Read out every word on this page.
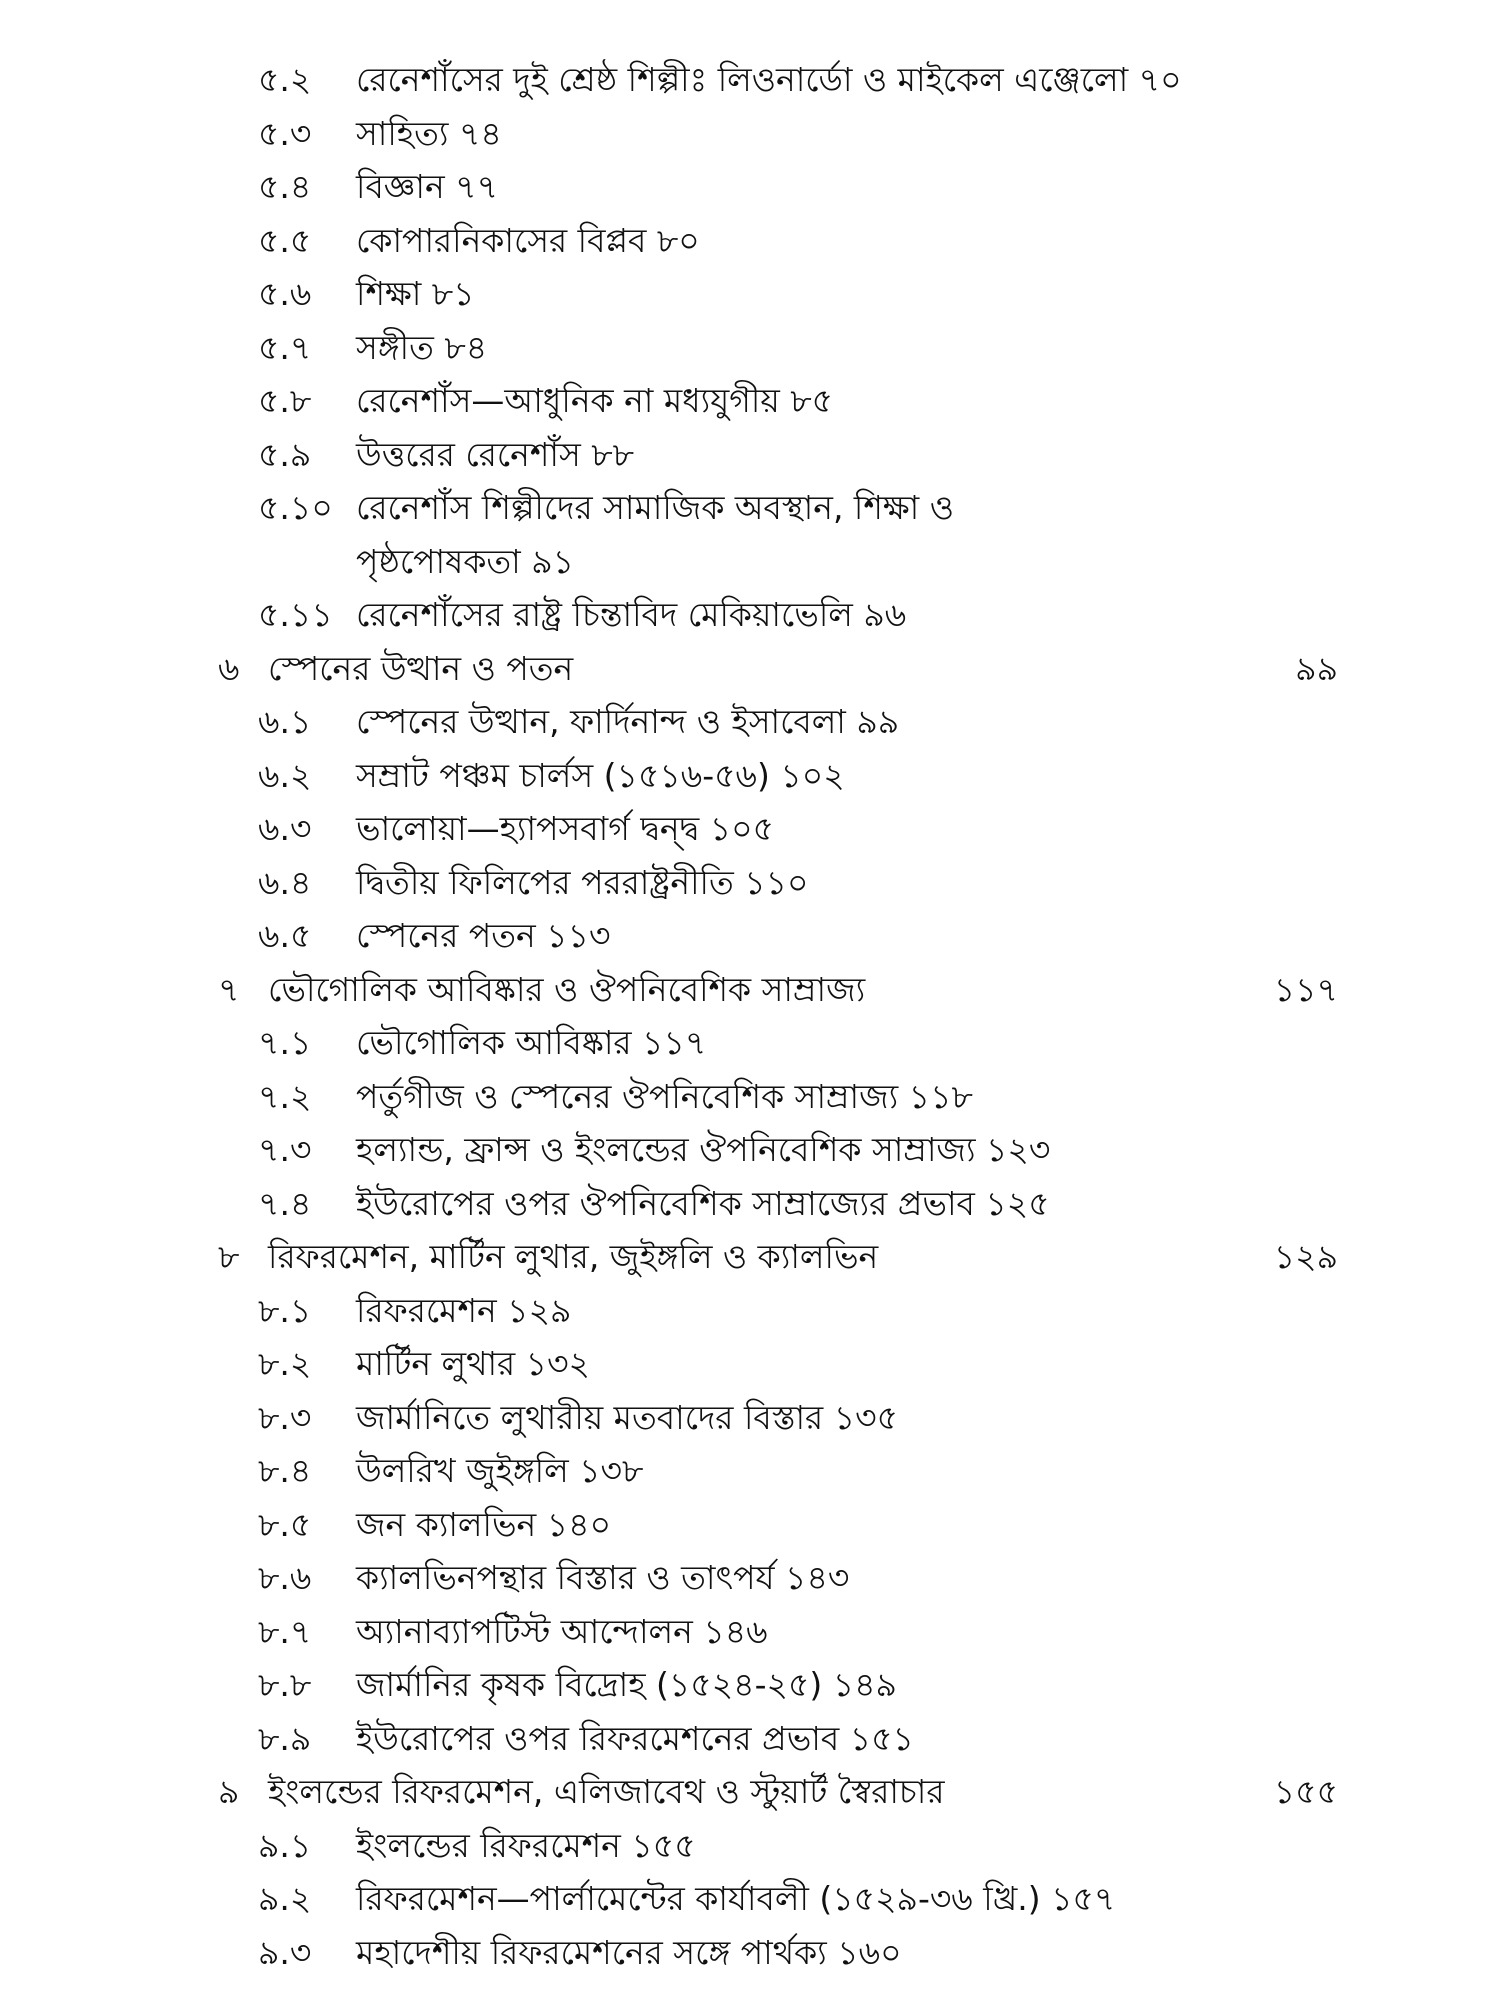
৫.২ রেনেশাঁসের দুই শ্রেষ্ঠ শিল্পীঃ লিওনার্ডো ও মাইকেল এঞ্জেলো ৭০
৫.৩ সাহিত্য ৭৪
৫.৪ বিজ্ঞান ৭৭
৫.৫ কোপারনিকাসের বিপ্লব ৮০
৫.৬ শিক্ষা ৮১
৫.৭ সঙ্গীত ৮৪
৫.৮ রেনেশাঁস—আধুনিক না মধ্যযুগীয় ৮৫
৫.৯ উত্তরের রেনেশাঁস ৮৮
৫.১০ রেনেশাঁস শিল্পীদের সামাজিক অবস্থান, শিক্ষা ও
পৃষ্ঠপোষকতা ৯১
৫.১১ রেনেশাঁসের রাষ্ট্র চিন্তাবিদ মেকিয়াভেলি ৯৬
৬ স্পেনের উত্থান ও পতন	৯৯
৬.১ স্পেনের উত্থান, ফার্দিনান্দ ও ইসাবেলা ৯৯
৬.২ সম্রাট পঞ্চম চার্লস (১৫১৬-৫৬) ১০২
৬.৩ ভালোয়া—হ্যাপসবার্গ দ্বন্দ্ব ১০৫
৬.৪ দ্বিতীয় ফিলিপের পররাষ্ট্রনীতি ১১০
৬.৫ স্পেনের পতন ১১৩
৭ ভৌগোলিক আবিষ্কার ও ঔপনিবেশিক সাম্রাজ্য	১১৭
৭.১ ভৌগোলিক আবিষ্কার ১১৭
৭.২ পর্তুগীজ ও স্পেনের ঔপনিবেশিক সাম্রাজ্য ১১৮
৭.৩ হল্যান্ড, ফ্রান্স ও ইংলন্ডের ঔপনিবেশিক সাম্রাজ্য ১২৩
৭.৪ ইউরোপের ওপর ঔপনিবেশিক সাম্রাজ্যের প্রভাব ১২৫
৮ রিফরমেশন, মার্টিন লুথার, জুইঙ্গলি ও ক্যালভিন	১২৯
৮.১ রিফরমেশন ১২৯
৮.২ মার্টিন লুথার ১৩২
৮.৩ জার্মানিতে লুথারীয় মতবাদের বিস্তার ১৩৫
৮.৪ উলরিখ জুইঙ্গলি ১৩৮
৮.৫ জন ক্যালভিন ১৪০
৮.৬ ক্যালভিনপন্থার বিস্তার ও তাৎপর্য ১৪৩
৮.৭ অ্যানাব্যাপটিস্ট আন্দোলন ১৪৬
৮.৮ জার্মানির কৃষক বিদ্রোহ (১৫২৪-২৫) ১৪৯
৮.৯ ইউরোপের ওপর রিফরমেশনের প্রভাব ১৫১
৯ ইংলন্ডের রিফরমেশন, এলিজাবেথ ও স্টুয়ার্ট স্বৈরাচার	১৫৫
৯.১ ইংলন্ডের রিফরমেশন ১৫৫
৯.২ রিফরমেশন—পার্লামেন্টের কার্যাবলী (১৫২৯-৩৬ খ্রি.) ১৫৭
৯.৩ মহাদেশীয় রিফরমেশনের সঙ্গে পার্থক্য ১৬০
